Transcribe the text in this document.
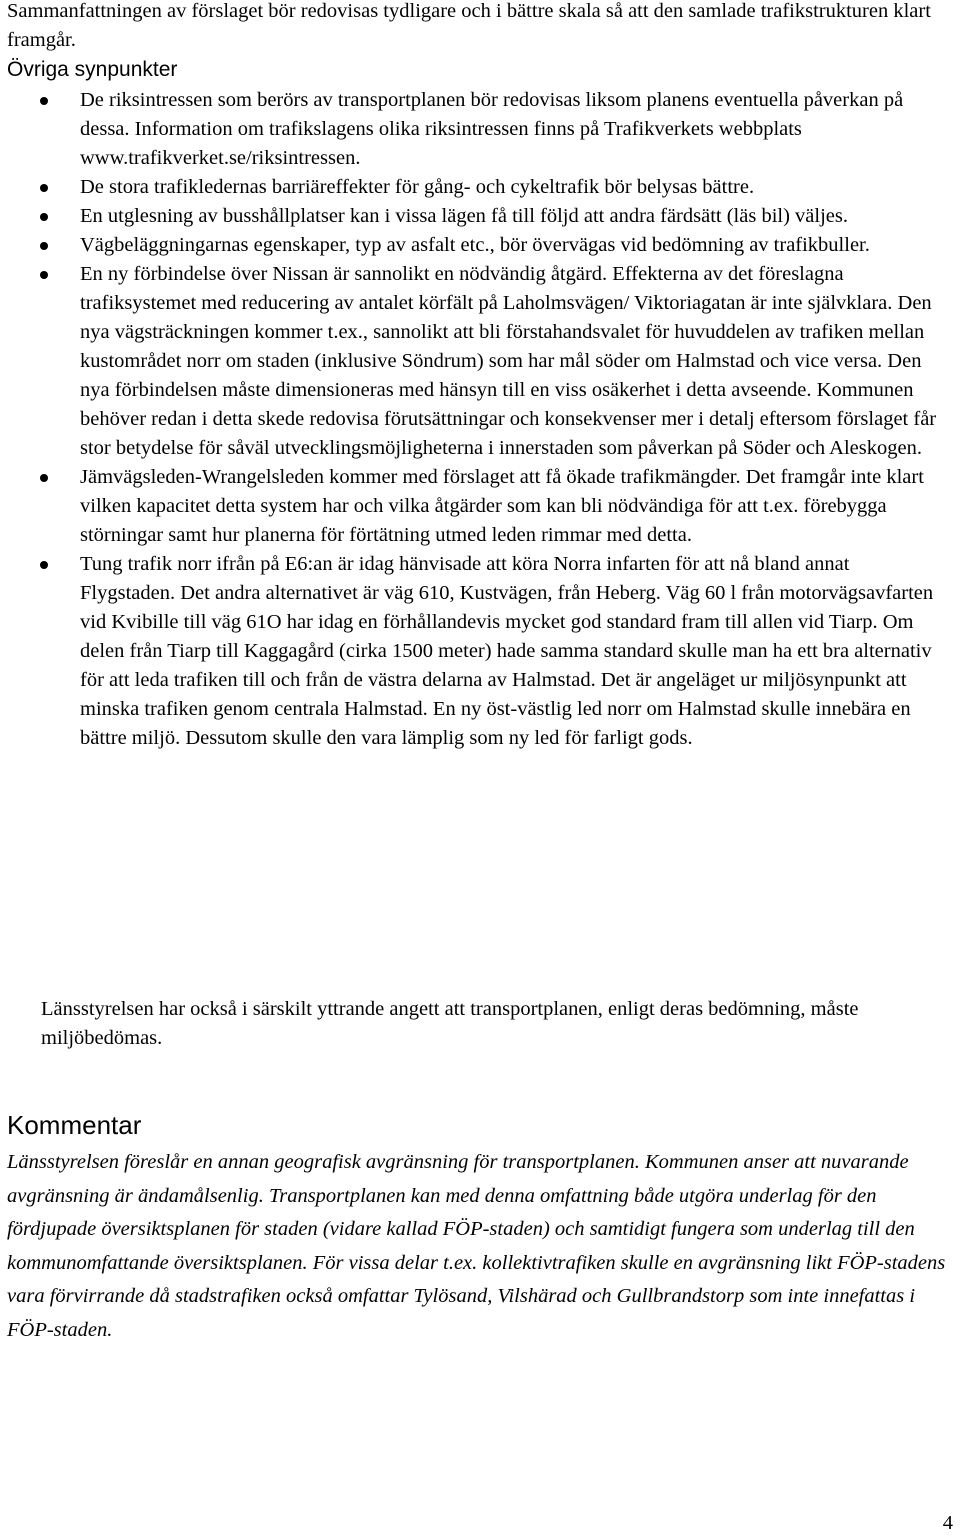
Sammanfattningen av förslaget bör redovisas tydligare och i bättre skala så att den samlade trafikstrukturen klart framgår.

Övriga synpunkter
De riksintressen som berörs av transportplanen bör redovisas liksom planens eventuella påverkan på dessa. Information om trafikslagens olika riksintressen finns på Trafikverkets webbplats www.trafikverket.se/riksintressen.
De stora trafikledernas barriäreffekter för gång- och cykeltrafik bör belysas bättre.
En utglesning av busshållplatser kan i vissa lägen få till följd att andra färdsätt (läs bil) väljes.
Vägbeläggningarnas egenskaper, typ av asfalt etc., bör övervägas vid bedömning av trafikbuller.
En ny förbindelse över Nissan är sannolikt en nödvändig åtgärd. Effekterna av det föreslagna trafiksystemet med reducering av antalet körfält på Laholmsvägen/ Viktoriagatan är inte självklara. Den nya vägsträckningen kommer t.ex., sannolikt att bli förstahandsvalet för huvuddelen av trafiken mellan kustområdet norr om staden (inklusive Söndrum) som har mål söder om Halmstad och vice versa. Den nya förbindelsen måste dimensioneras med hänsyn till en viss osäkerhet i detta avseende. Kommunen behöver redan i detta skede redovisa förutsättningar och konsekvenser mer i detalj eftersom förslaget får stor betydelse för såväl utvecklingsmöjligheterna i innerstaden som påverkan på Söder och Aleskogen.
Jämvägsleden-Wrangelsleden kommer med förslaget att få ökade trafikmängder. Det framgår inte klart vilken kapacitet detta system har och vilka åtgärder som kan bli nödvändiga för att t.ex. förebygga störningar samt hur planerna för förtätning utmed leden rimmar med detta.
Tung trafik norr ifrån på E6:an är idag hänvisade att köra Norra infarten för att nå bland annat Flygstaden. Det andra alternativet är väg 610, Kustvägen, från Heberg. Väg 60 l från motorvägsavfarten vid Kvibille till väg 61O har idag en förhållandevis mycket god standard fram till allen vid Tiarp. Om delen från Tiarp till Kaggagård (cirka 1500 meter) hade samma standard skulle man ha ett bra alternativ för att leda trafiken till och från de västra delarna av Halmstad. Det är angeläget ur miljösynpunkt att minska trafiken genom centrala Halmstad. En ny öst-västlig led norr om Halmstad skulle innebära en bättre miljö. Dessutom skulle den vara lämplig som ny led för farligt gods.

Länsstyrelsen har också i särskilt yttrande angett att transportplanen, enligt deras bedömning, måste miljöbedömas.

Kommentar

Länsstyrelsen föreslår en annan geografisk avgränsning för transportplanen. Kommunen anser att nuvarande avgränsning är ändamålsenlig. Transportplanen kan med denna omfattning både utgöra underlag för den fördjupade översiktsplanen för staden (vidare kallad FÖP-staden) och samtidigt fungera som underlag till den kommunomfattande översiktsplanen. För vissa delar t.ex. kollektivtrafiken skulle en avgränsning likt FÖP-stadens vara förvirrande då stadstrafiken också omfattar Tylösand, Vilshärad och Gullbrandstorp som inte innefattas i FÖP-staden.

4
